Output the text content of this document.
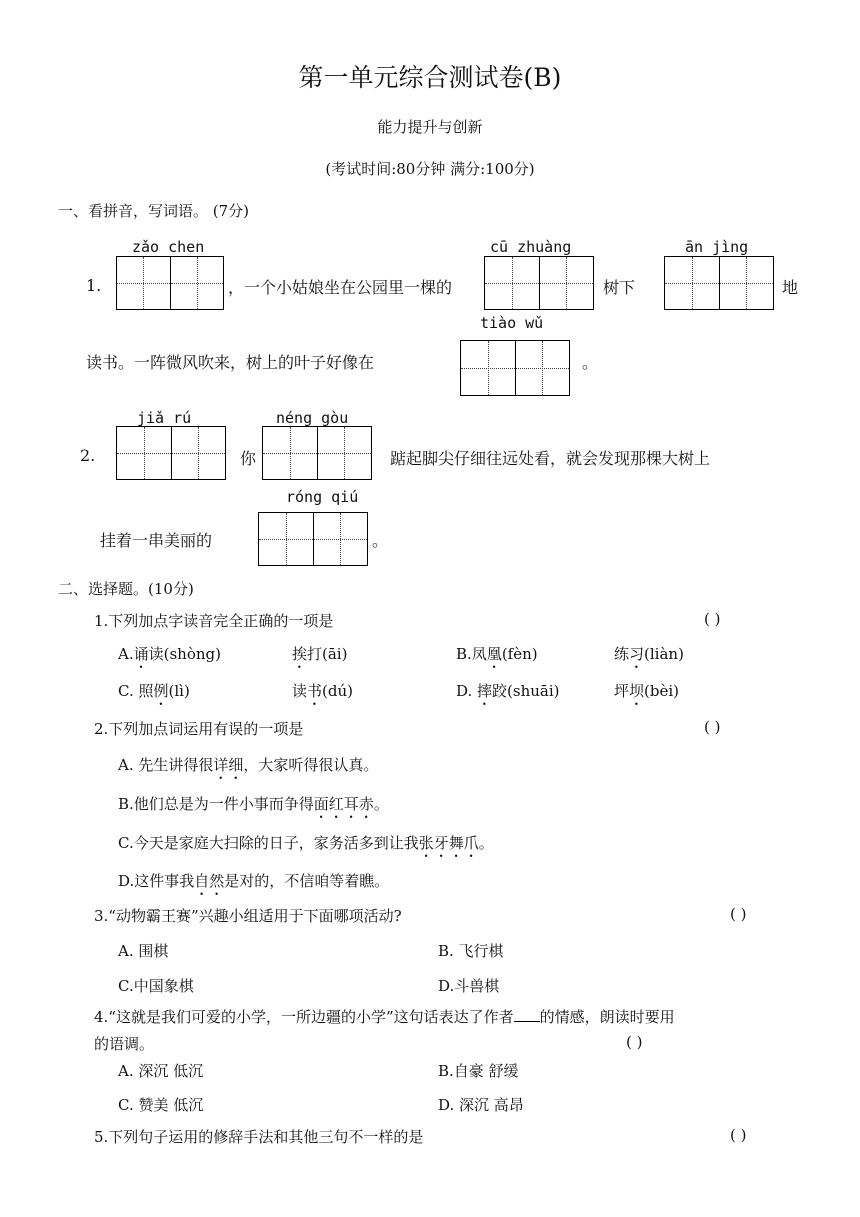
第一单元综合测试卷(B)
能力提升与创新
(考试时间:80分钟 满分:100分)
一、看拼音，写词语。 (7分)
zǎo chen
1.	，一个小姑娘坐在公园里一棵的
cū zhuàng
树下
ān jìng
地
tiào wǔ
读书。一阵微风吹来，树上的叶子好像在	。
jiǎ rú
2.	你
néng gòu
踮起脚尖仔细往远处看，就会发现那棵大树上
róng qiú
挂着一串美丽的	。
二、选择题。(10分)
1.下列加点字读音完全正确的一项是	( )
A.诵读(shòng)	挨打(āi)	B.凤凰(fèn)	练习(liàn)
C. 照例(lì)	读书(dú)	D. 摔跤(shuāi)	坪坝(bèi)
2.下列加点词运用有误的一项是	( )
A. 先生讲得很详细，大家听得很认真。
B.他们总是为一件小事而争得面红耳赤。
C.今天是家庭大扫除的日子，家务活多到让我张牙舞爪。
D.这件事我自然是对的，不信咱等着瞧。
3.“动物霸王赛”兴趣小组适用于下面哪项活动?	( )
A. 围棋	B. 飞行棋
C.中国象棋	D.斗兽棋
4.“这就是我们可爱的小学，一所边疆的小学”这句话表达了作者 的情感，朗读时要用
的语调。	( )
A. 深沉 低沉	B.自豪 舒缓
C. 赞美 低沉	D. 深沉 高昂
5.下列句子运用的修辞手法和其他三句不一样的是	( )
